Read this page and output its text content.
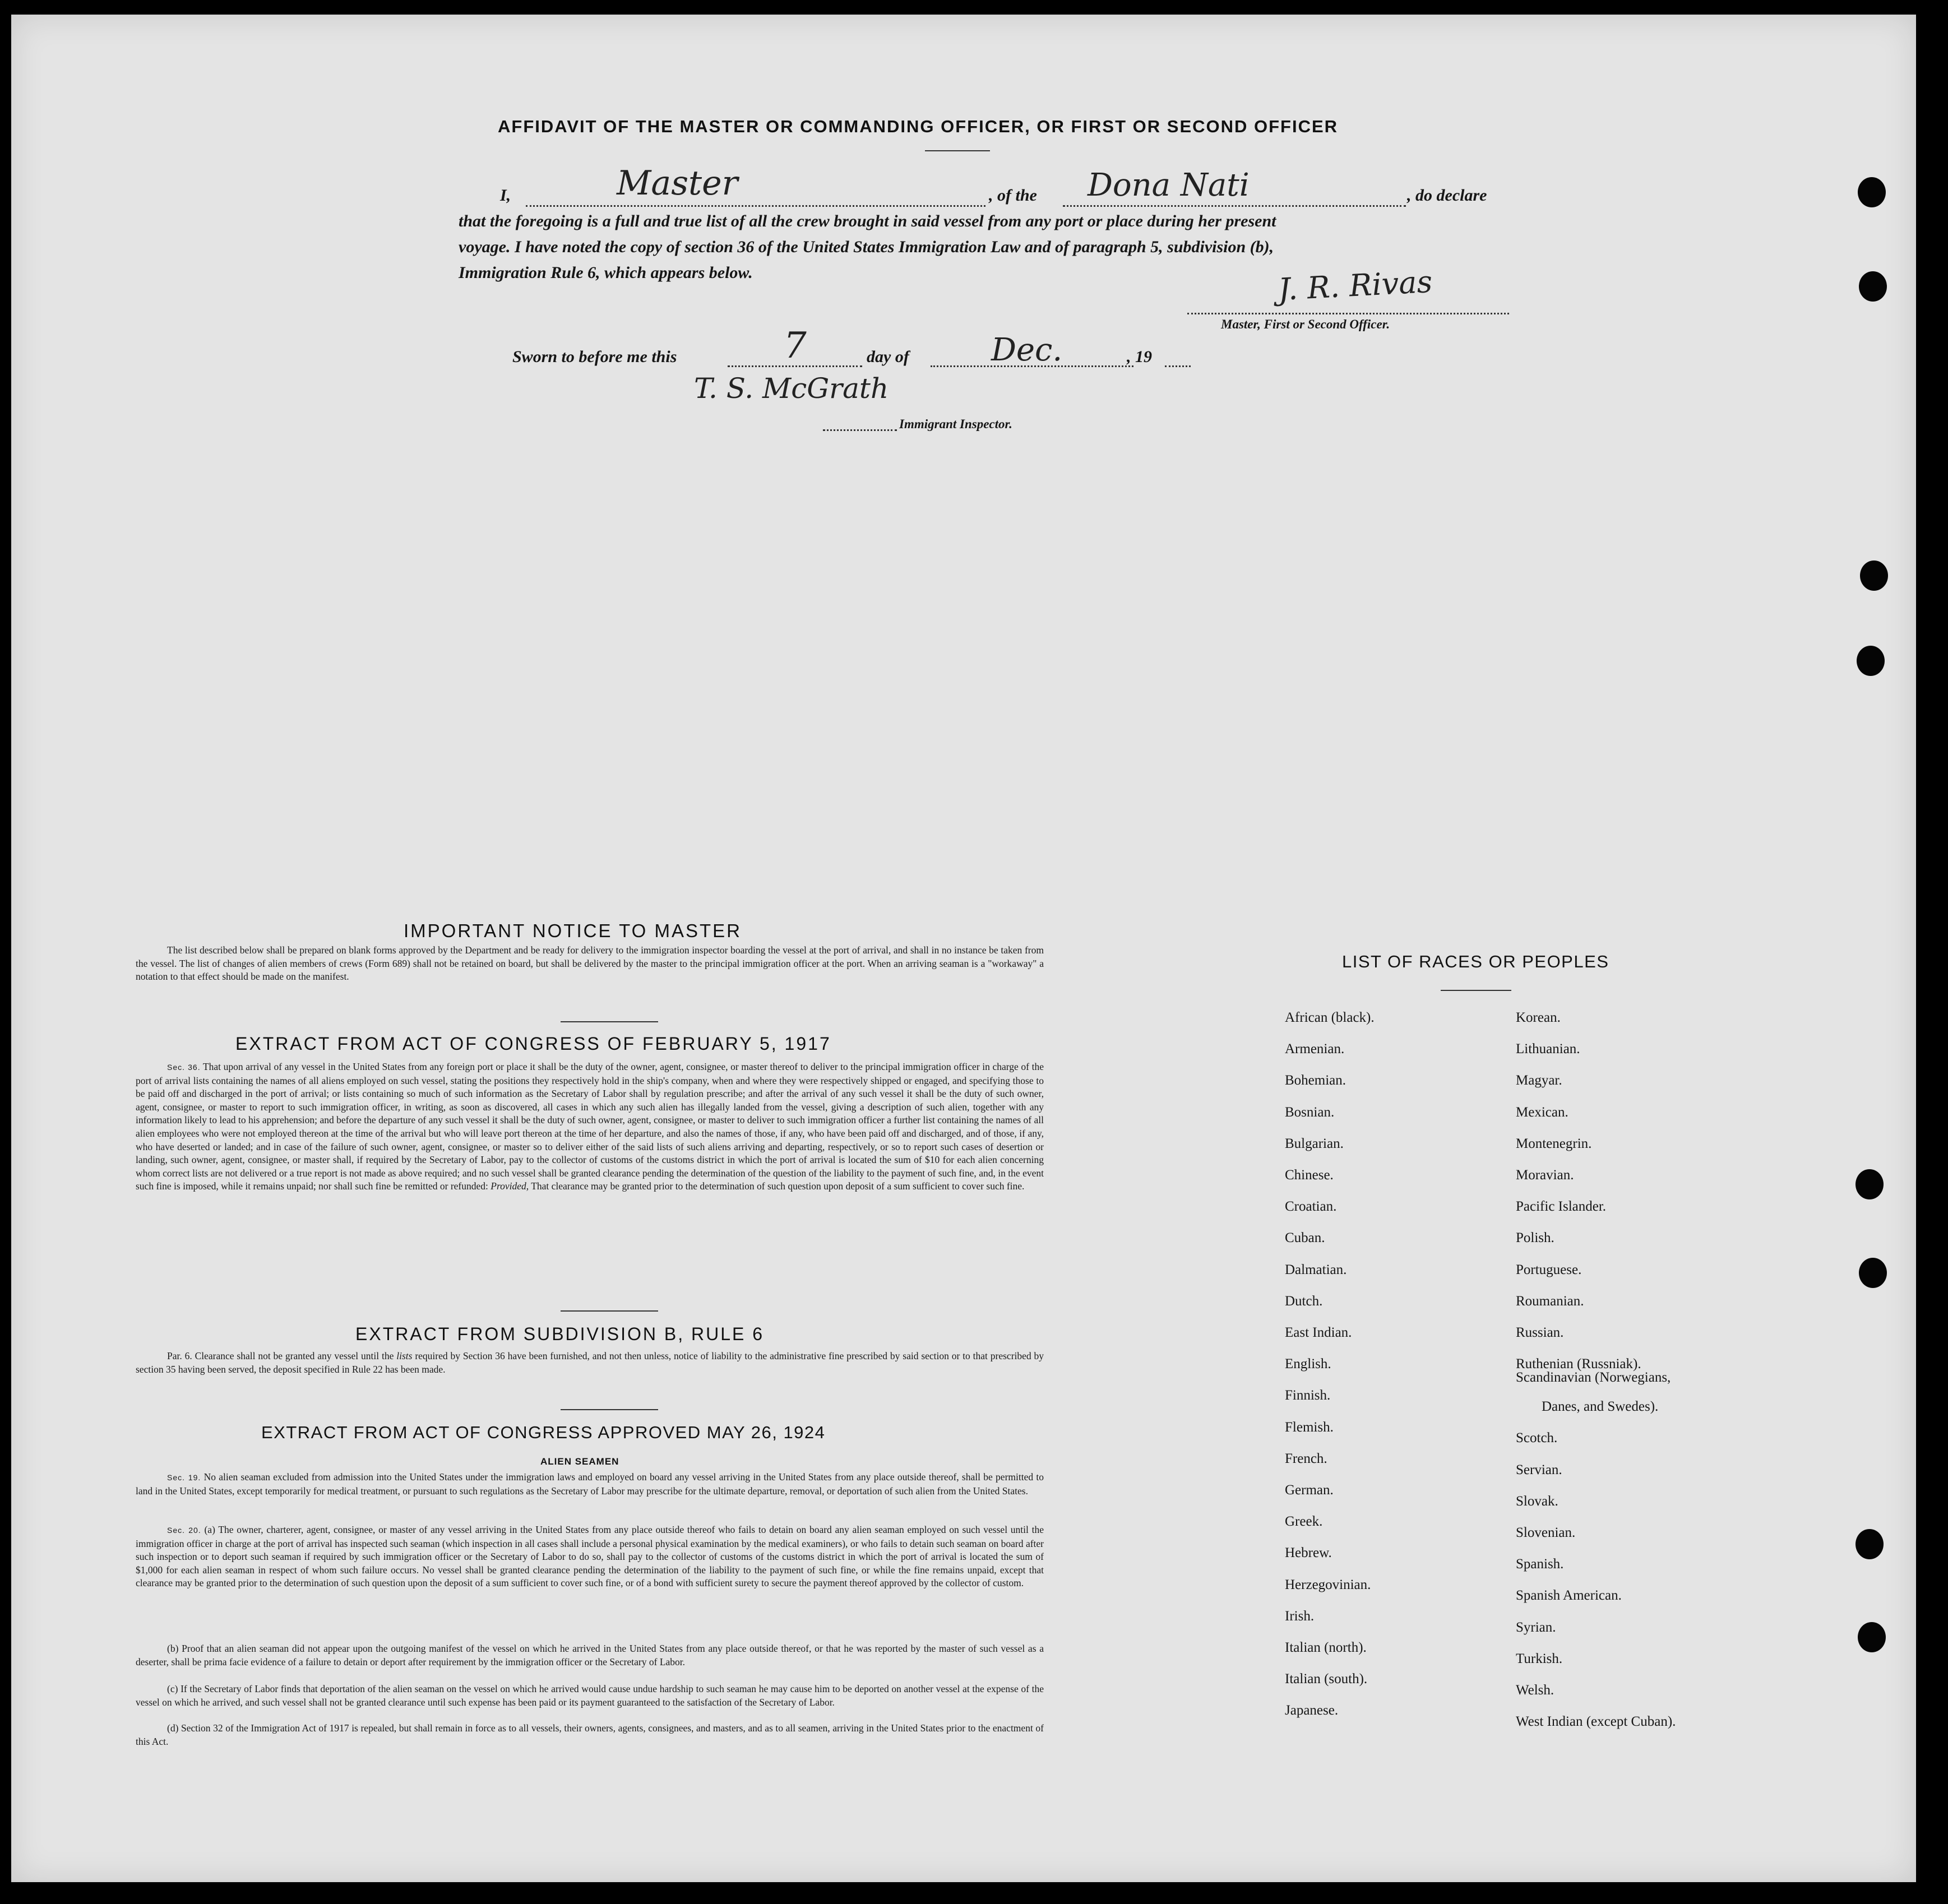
AFFIDAVIT OF THE MASTER OR COMMANDING OFFICER, OR FIRST OR SECOND OFFICER
I,	Master	, of the Dona Nati	, do declare
that the foregoing is a full and true list of all the crew brought in said vessel from any port or place during her present
voyage. I have noted the copy of section 36 of the United States Immigration Law and of paragraph 5, subdivision (b),
Immigration Rule 6, which appears below.	J. R. Rivas
Master, First or Second Officer.
Sworn to before me this	7	day of	Dec.	, 19
T. S. McGrath
Immigrant Inspector.
IMPORTANT NOTICE TO MASTER
The list described below shall be prepared on blank forms approved by the Department and be ready for delivery to the immigration inspector boarding the vessel at the port of arrival, and shall in no instance be taken from the vessel. The list of changes of alien members of crews (Form 689) shall not be retained on board, but shall be delivered by the master to the principal immigration officer at the port. When an arriving seaman is a "workaway" a notation to that effect should be made on the manifest.
EXTRACT FROM ACT OF CONGRESS OF FEBRUARY 5, 1917
Sec. 36. That upon arrival of any vessel in the United States from any foreign port or place it shall be the duty of the owner, agent, consignee, or master thereof to deliver to the principal immigration officer in charge of the port of arrival lists containing the names of all aliens employed on such vessel, stating the positions they respectively hold in the ship's company, when and where they were respectively shipped or engaged, and specifying those to be paid off and discharged in the port of arrival; or lists containing so much of such information as the Secretary of Labor shall by regulation prescribe; and after the arrival of any such vessel it shall be the duty of such owner, agent, consignee, or master to report to such immigration officer, in writing, as soon as discovered, all cases in which any such alien has illegally landed from the vessel, giving a description of such alien, together with any information likely to lead to his apprehension; and before the departure of any such vessel it shall be the duty of such owner, agent, consignee, or master to deliver to such immigration officer a further list containing the names of all alien employees who were not employed thereon at the time of the arrival but who will leave port thereon at the time of her departure, and also the names of those, if any, who have been paid off and discharged, and of those, if any, who have deserted or landed; and in case of the failure of such owner, agent, consignee, or master so to deliver either of the said lists of such aliens arriving and departing, respectively, or so to report such cases of desertion or landing, such owner, agent, consignee, or master shall, if required by the Secretary of Labor, pay to the collector of customs of the customs district in which the port of arrival is located the sum of $10 for each alien concerning whom correct lists are not delivered or a true report is not made as above required; and no such vessel shall be granted clearance pending the determination of the question of the liability to the payment of such fine, and, in the event such fine is imposed, while it remains unpaid; nor shall such fine be remitted or refunded: Provided, That clearance may be granted prior to the determination of such question upon deposit of a sum sufficient to cover such fine.
EXTRACT FROM SUBDIVISION B, RULE 6
Par. 6. Clearance shall not be granted any vessel until the lists required by Section 36 have been furnished, and not then unless, notice of liability to the administrative fine prescribed by said section or to that prescribed by section 35 having been served, the deposit specified in Rule 22 has been made.
EXTRACT FROM ACT OF CONGRESS APPROVED MAY 26, 1924
ALIEN SEAMEN
Sec. 19. No alien seaman excluded from admission into the United States under the immigration laws and employed on board any vessel arriving in the United States from any place outside thereof, shall be permitted to land in the United States, except temporarily for medical treatment, or pursuant to such regulations as the Secretary of Labor may prescribe for the ultimate departure, removal, or deportation of such alien from the United States.
Sec. 20. (a) The owner, charterer, agent, consignee, or master of any vessel arriving in the United States from any place outside thereof who fails to detain on board any alien seaman employed on such vessel until the immigration officer in charge at the port of arrival has inspected such seaman (which inspection in all cases shall include a personal physical examination by the medical examiners), or who fails to detain such seaman on board after such inspection or to deport such seaman if required by such immigration officer or the Secretary of Labor to do so, shall pay to the collector of customs of the customs district in which the port of arrival is located the sum of $1,000 for each alien seaman in respect of whom such failure occurs. No vessel shall be granted clearance pending the determination of the liability to the payment of such fine, or while the fine remains unpaid, except that clearance may be granted prior to the determination of such question upon the deposit of a sum sufficient to cover such fine, or of a bond with sufficient surety to secure the payment thereof approved by the collector of custom.
(b) Proof that an alien seaman did not appear upon the outgoing manifest of the vessel on which he arrived in the United States from any place outside thereof, or that he was reported by the master of such vessel as a deserter, shall be prima facie evidence of a failure to detain or deport after requirement by the immigration officer or the Secretary of Labor.
(c) If the Secretary of Labor finds that deportation of the alien seaman on the vessel on which he arrived would cause undue hardship to such seaman he may cause him to be deported on another vessel at the expense of the vessel on which he arrived, and such vessel shall not be granted clearance until such expense has been paid or its payment guaranteed to the satisfaction of the Secretary of Labor.
(d) Section 32 of the Immigration Act of 1917 is repealed, but shall remain in force as to all vessels, their owners, agents, consignees, and masters, and as to all seamen, arriving in the United States prior to the enactment of this Act.
LIST OF RACES OR PEOPLES
African (black).
Armenian.
Bohemian.
Bosnian.
Bulgarian.
Chinese.
Croatian.
Cuban.
Dalmatian.
Dutch.
East Indian.
English.
Finnish.
Flemish.
French.
German.
Greek.
Hebrew.
Herzegovinian.
Irish.
Italian (north).
Italian (south).
Japanese.
Korean.
Lithuanian.
Magyar.
Mexican.
Montenegrin.
Moravian.
Pacific Islander.
Polish.
Portuguese.
Roumanian.
Russian.
Ruthenian (Russniak).
Scandinavian (Norwegians,
Danes, and Swedes).
Scotch.
Servian.
Slovak.
Slovenian.
Spanish.
Spanish American.
Syrian.
Turkish.
Welsh.
West Indian (except Cuban).
